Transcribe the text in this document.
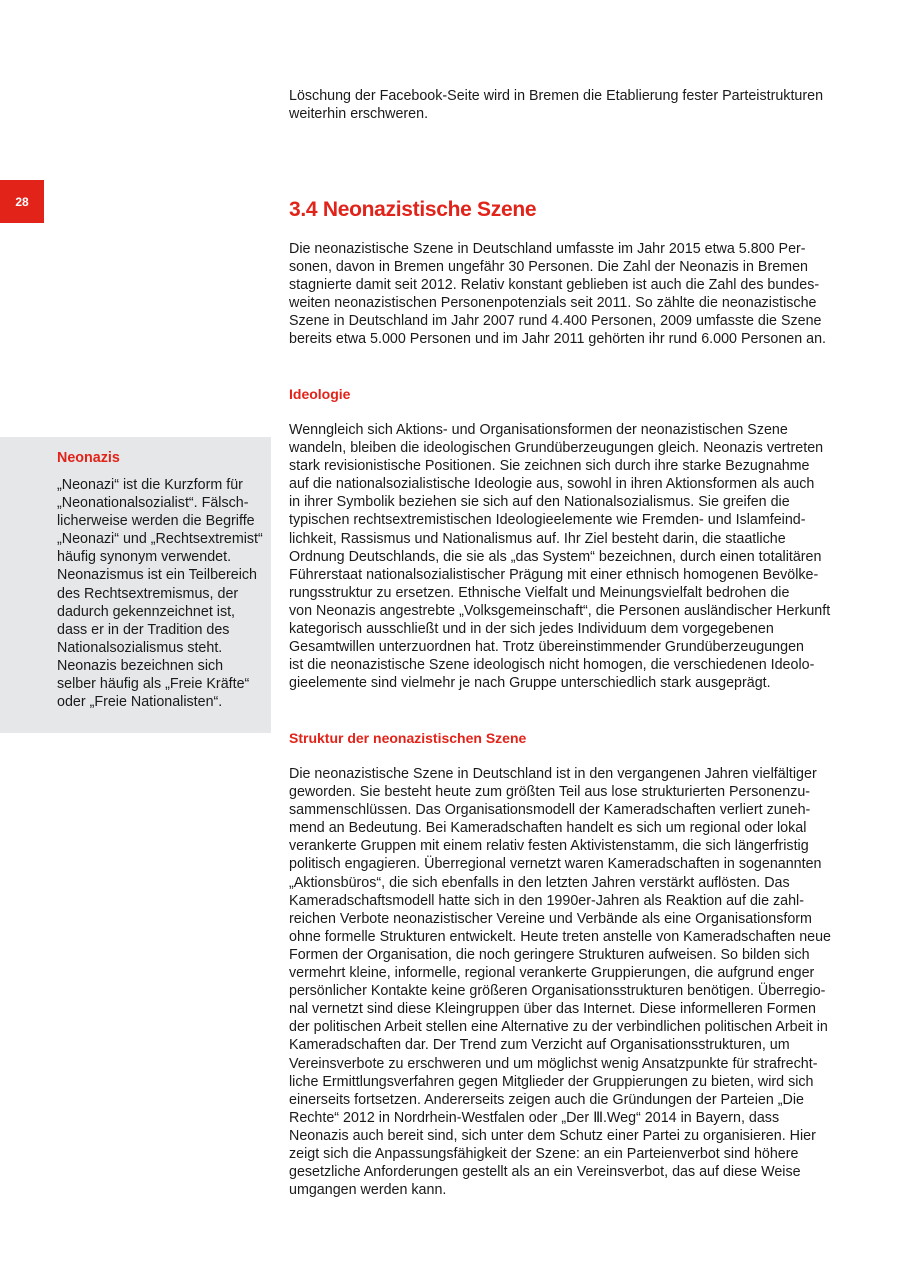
Löschung der Facebook-Seite wird in Bremen die Etablierung fester Parteistrukturen
weiterhin erschweren.

28	3.4 Neonazistische Szene

Die neonazistische Szene in Deutschland umfasste im Jahr 2015 etwa 5.800 Per-
sonen, davon in Bremen ungefähr 30 Personen. Die Zahl der Neonazis in Bremen
stagnierte damit seit 2012. Relativ konstant geblieben ist auch die Zahl des bundes-
weiten neonazistischen Personenpotenzials seit 2011. So zählte die neonazistische
Szene in Deutschland im Jahr 2007 rund 4.400 Personen, 2009 umfasste die Szene
bereits etwa 5.000 Personen und im Jahr 2011 gehörten ihr rund 6.000 Personen an.

Ideologie

Wenngleich sich Aktions- und Organisationsformen der neonazistischen Szene
wandeln, bleiben die ideologischen Grundüberzeugungen gleich. Neonazis vertreten
stark revisionistische Positionen. Sie zeichnen sich durch ihre starke Bezugnahme
auf die nationalsozialistische Ideologie aus, sowohl in ihren Aktionsformen als auch
in ihrer Symbolik beziehen sie sich auf den Nationalsozialismus. Sie greifen die
typischen rechtsextremistischen Ideologieelemente wie Fremden- und Islamfeind-
lichkeit, Rassismus und Nationalismus auf. Ihr Ziel besteht darin, die staatliche
Ordnung Deutschlands, die sie als „das System“ bezeichnen, durch einen totalitären
Führerstaat nationalsozialistischer Prägung mit einer ethnisch homogenen Bevölke-
rungsstruktur zu ersetzen. Ethnische Vielfalt und Meinungsvielfalt bedrohen die
von Neonazis angestrebte „Volksgemeinschaft“, die Personen ausländischer Herkunft
kategorisch ausschließt und in der sich jedes Individuum dem vorgegebenen
Gesamtwillen unterzuordnen hat. Trotz übereinstimmender Grundüberzeugungen
ist die neonazistische Szene ideologisch nicht homogen, die verschiedenen Ideolo-
gieelemente sind vielmehr je nach Gruppe unterschiedlich stark ausgeprägt.

Neonazis

„Neonazi“ ist die Kurzform für
„Neonationalsozialist“. Fälsch-
licherweise werden die Begriffe
„Neonazi“ und „Rechtsextremist“
häufig synonym verwendet.
Neonazismus ist ein Teilbereich
des Rechtsextremismus, der
dadurch gekennzeichnet ist,
dass er in der Tradition des
Nationalsozialismus steht.
Neonazis bezeichnen sich
selber häufig als „Freie Kräfte“
oder „Freie Nationalisten“.

Struktur der neonazistischen Szene

Die neonazistische Szene in Deutschland ist in den vergangenen Jahren vielfältiger
geworden. Sie besteht heute zum größten Teil aus lose strukturierten Personenzu-
sammenschlüssen. Das Organisationsmodell der Kameradschaften verliert zuneh-
mend an Bedeutung. Bei Kameradschaften handelt es sich um regional oder lokal
verankerte Gruppen mit einem relativ festen Aktivistenstamm, die sich längerfristig
politisch engagieren. Überregional vernetzt waren Kameradschaften in sogenannten
„Aktionsbüros“, die sich ebenfalls in den letzten Jahren verstärkt auflösten. Das
Kameradschaftsmodell hatte sich in den 1990er-Jahren als Reaktion auf die zahl-
reichen Verbote neonazistischer Vereine und Verbände als eine Organisationsform
ohne formelle Strukturen entwickelt. Heute treten anstelle von Kameradschaften neue
Formen der Organisation, die noch geringere Strukturen aufweisen. So bilden sich
vermehrt kleine, informelle, regional verankerte Gruppierungen, die aufgrund enger
persönlicher Kontakte keine größeren Organisationsstrukturen benötigen. Überregio-
nal vernetzt sind diese Kleingruppen über das Internet. Diese informelleren Formen
der politischen Arbeit stellen eine Alternative zu der verbindlichen politischen Arbeit in
Kameradschaften dar. Der Trend zum Verzicht auf Organisationsstrukturen, um
Vereinsverbote zu erschweren und um möglichst wenig Ansatzpunkte für strafrecht-
liche Ermittlungsverfahren gegen Mitglieder der Gruppierungen zu bieten, wird sich
einerseits fortsetzen. Andererseits zeigen auch die Gründungen der Parteien „Die
Rechte“ 2012 in Nordrhein-Westfalen oder „Der Ⅲ.Weg“ 2014 in Bayern, dass
Neonazis auch bereit sind, sich unter dem Schutz einer Partei zu organisieren. Hier
zeigt sich die Anpassungsfähigkeit der Szene: an ein Parteienverbot sind höhere
gesetzliche Anforderungen gestellt als an ein Vereinsverbot, das auf diese Weise
umgangen werden kann.
